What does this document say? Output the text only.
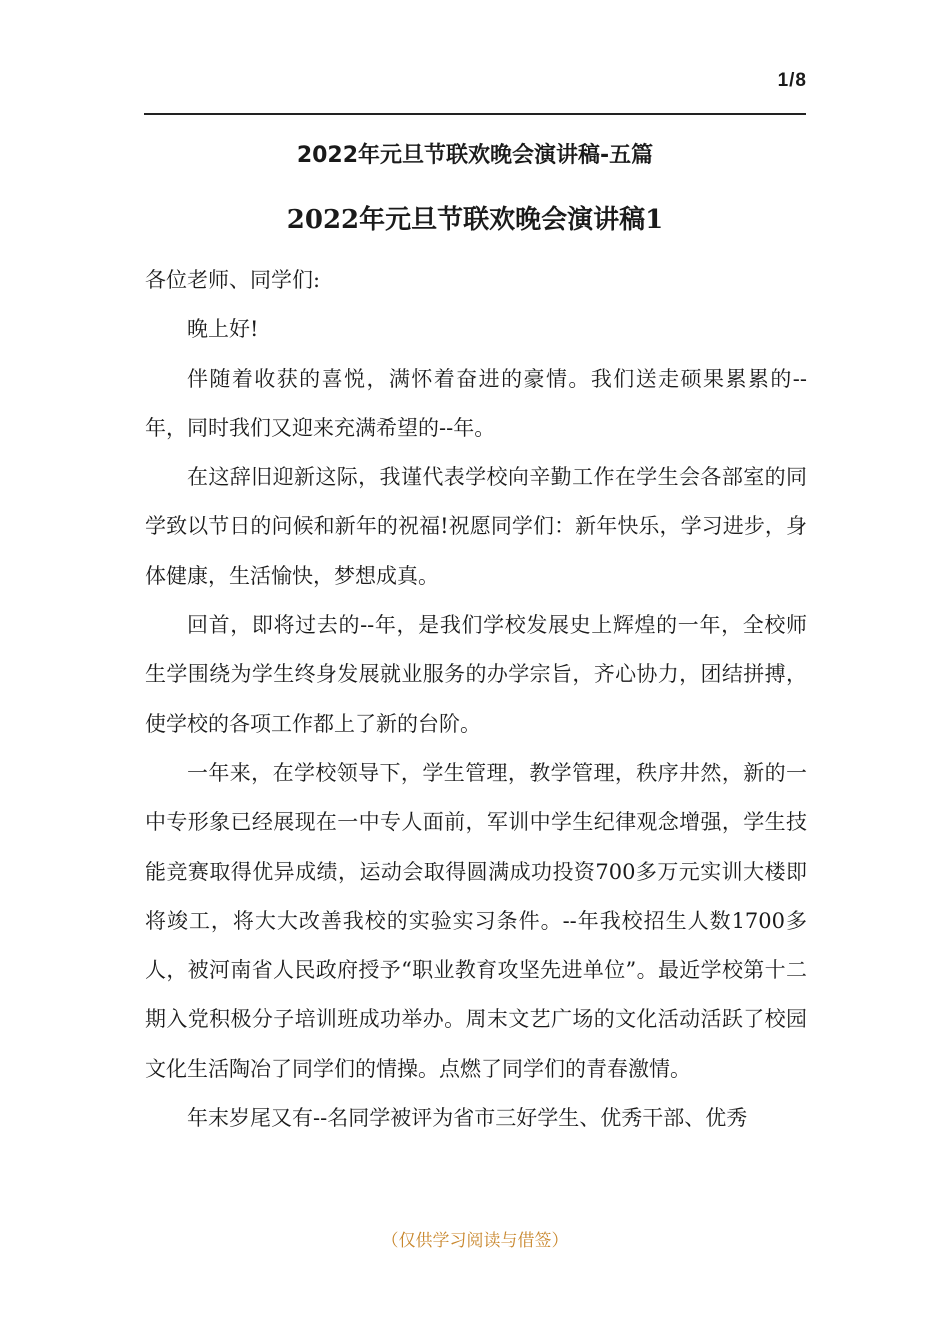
1/8
2022年元旦节联欢晚会演讲稿-五篇
2022年元旦节联欢晚会演讲稿1

各位老师、同学们:

晚上好!

伴随着收获的喜悦，满怀着奋进的豪情。我们送走硕果累累的--年，同时我们又迎来充满希望的--年。

在这辞旧迎新这际，我谨代表学校向辛勤工作在学生会各部室的同学致以节日的问候和新年的祝福!祝愿同学们：新年快乐，学习进步，身体健康，生活愉快，梦想成真。

回首，即将过去的--年，是我们学校发展史上辉煌的一年，全校师生学围绕为学生终身发展就业服务的办学宗旨，齐心协力，团结拼搏，使学校的各项工作都上了新的台阶。

一年来，在学校领导下，学生管理，教学管理，秩序井然，新的一中专形象已经展现在一中专人面前，军训中学生纪律观念增强，学生技能竞赛取得优异成绩，运动会取得圆满成功投资700多万元实训大楼即将竣工，将大大改善我校的实验实习条件。--年我校招生人数1700多人，被河南省人民政府授予“职业教育攻坚先进单位”。最近学校第十二期入党积极分子培训班成功举办。周末文艺广场的文化活动活跃了校园文化生活陶冶了同学们的情操。点燃了同学们的青春激情。

年末岁尾又有--名同学被评为省市三好学生、优秀干部、优秀

（仅供学习阅读与借签）
